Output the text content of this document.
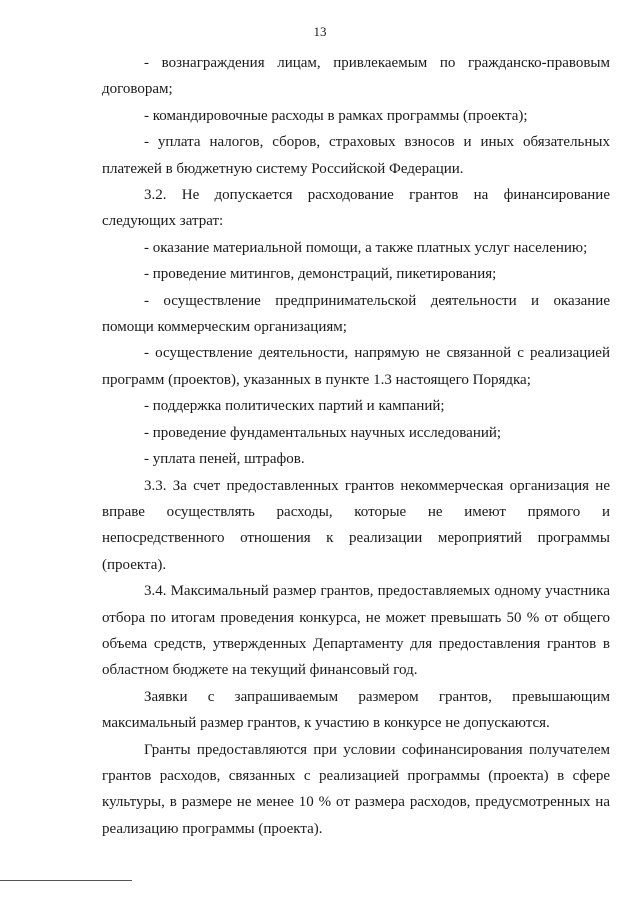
13

- вознаграждения лицам, привлекаемым по гражданско-правовым договорам;

- командировочные расходы в рамках программы (проекта);

- уплата налогов, сборов, страховых взносов и иных обязательных платежей в бюджетную систему Российской Федерации.

3.2. Не допускается расходование грантов на финансирование следующих затрат:

- оказание материальной помощи, а также платных услуг населению;

- проведение митингов, демонстраций, пикетирования;

- осуществление предпринимательской деятельности и оказание помощи коммерческим организациям;

- осуществление деятельности, напрямую не связанной с реализацией программ (проектов), указанных в пункте 1.3 настоящего Порядка;

- поддержка политических партий и кампаний;

- проведение фундаментальных научных исследований;

- уплата пеней, штрафов.

3.3. За счет предоставленных грантов некоммерческая организация не вправе осуществлять расходы, которые не имеют прямого и непосредственного отношения к реализации мероприятий программы (проекта).

3.4. Максимальный размер грантов, предоставляемых одному участника отбора по итогам проведения конкурса, не может превышать 50 % от общего объема средств, утвержденных Департаменту для предоставления грантов в областном бюджете на текущий финансовый год.

Заявки с запрашиваемым размером грантов, превышающим максимальный размер грантов, к участию в конкурсе не допускаются.

Гранты предоставляются при условии софинансирования получателем грантов расходов, связанных с реализацией программы (проекта) в сфере культуры, в размере не менее 10 % от размера расходов, предусмотренных на реализацию программы (проекта).
